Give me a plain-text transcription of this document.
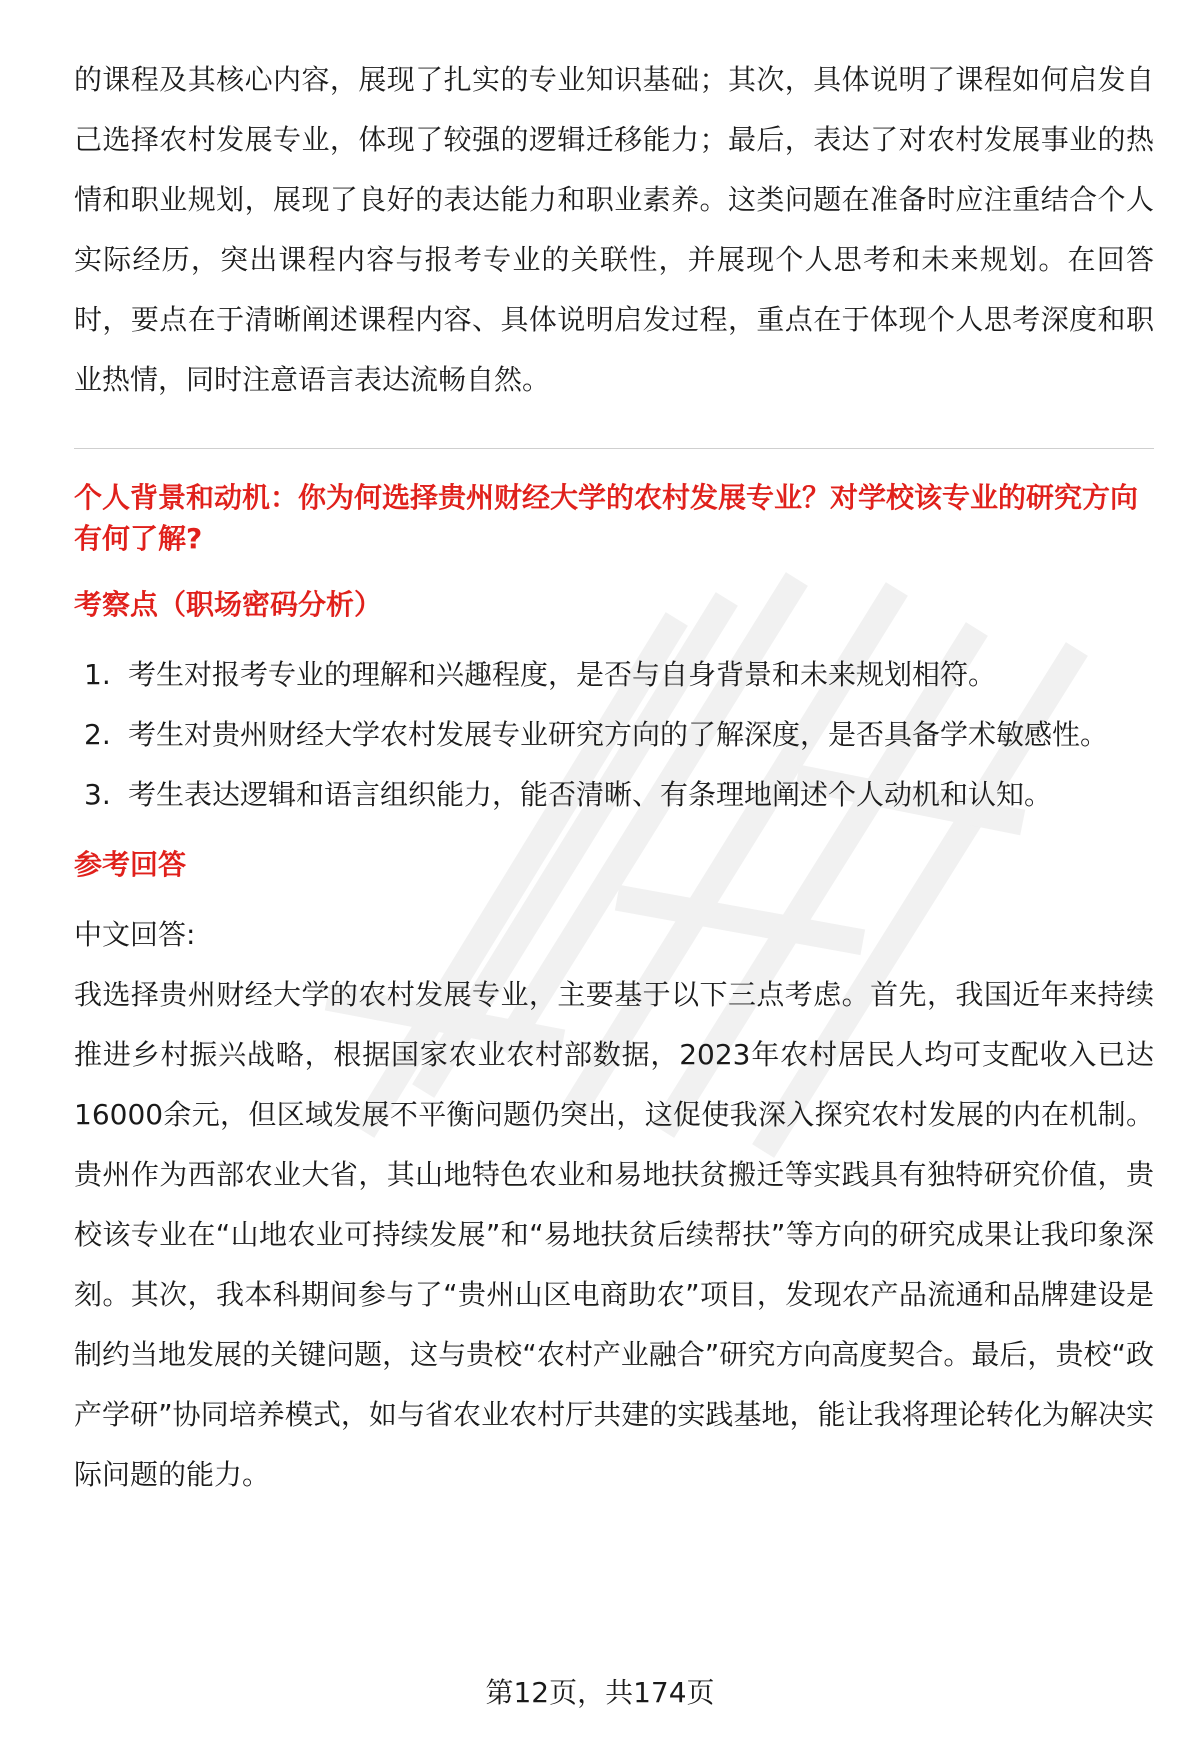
的课程及其核心内容，展现了扎实的专业知识基础；其次，具体说明了课程如何启发自己选择农村发展专业，体现了较强的逻辑迁移能力；最后，表达了对农村发展事业的热情和职业规划，展现了良好的表达能力和职业素养。这类问题在准备时应注重结合个人实际经历，突出课程内容与报考专业的关联性，并展现个人思考和未来规划。在回答时，要点在于清晰阐述课程内容、具体说明启发过程，重点在于体现个人思考深度和职业热情，同时注意语言表达流畅自然。

个人背景和动机：你为何选择贵州财经大学的农村发展专业？对学校该专业的研究方向有何了解?

考察点（职场密码分析）

1. 考生对报考专业的理解和兴趣程度，是否与自身背景和未来规划相符。
2. 考生对贵州财经大学农村发展专业研究方向的了解深度，是否具备学术敏感性。
3. 考生表达逻辑和语言组织能力，能否清晰、有条理地阐述个人动机和认知。

参考回答

中文回答:

我选择贵州财经大学的农村发展专业，主要基于以下三点考虑。首先，我国近年来持续推进乡村振兴战略，根据国家农业农村部数据，2023年农村居民人均可支配收入已达16000余元，但区域发展不平衡问题仍突出，这促使我深入探究农村发展的内在机制。贵州作为西部农业大省，其山地特色农业和易地扶贫搬迁等实践具有独特研究价值，贵校该专业在“山地农业可持续发展”和“易地扶贫后续帮扶”等方向的研究成果让我印象深刻。其次，我本科期间参与了“贵州山区电商助农”项目，发现农产品流通和品牌建设是制约当地发展的关键问题，这与贵校“农村产业融合”研究方向高度契合。最后，贵校“政产学研”协同培养模式，如与省农业农村厅共建的实践基地，能让我将理论转化为解决实际问题的能力。

第12页，共174页
